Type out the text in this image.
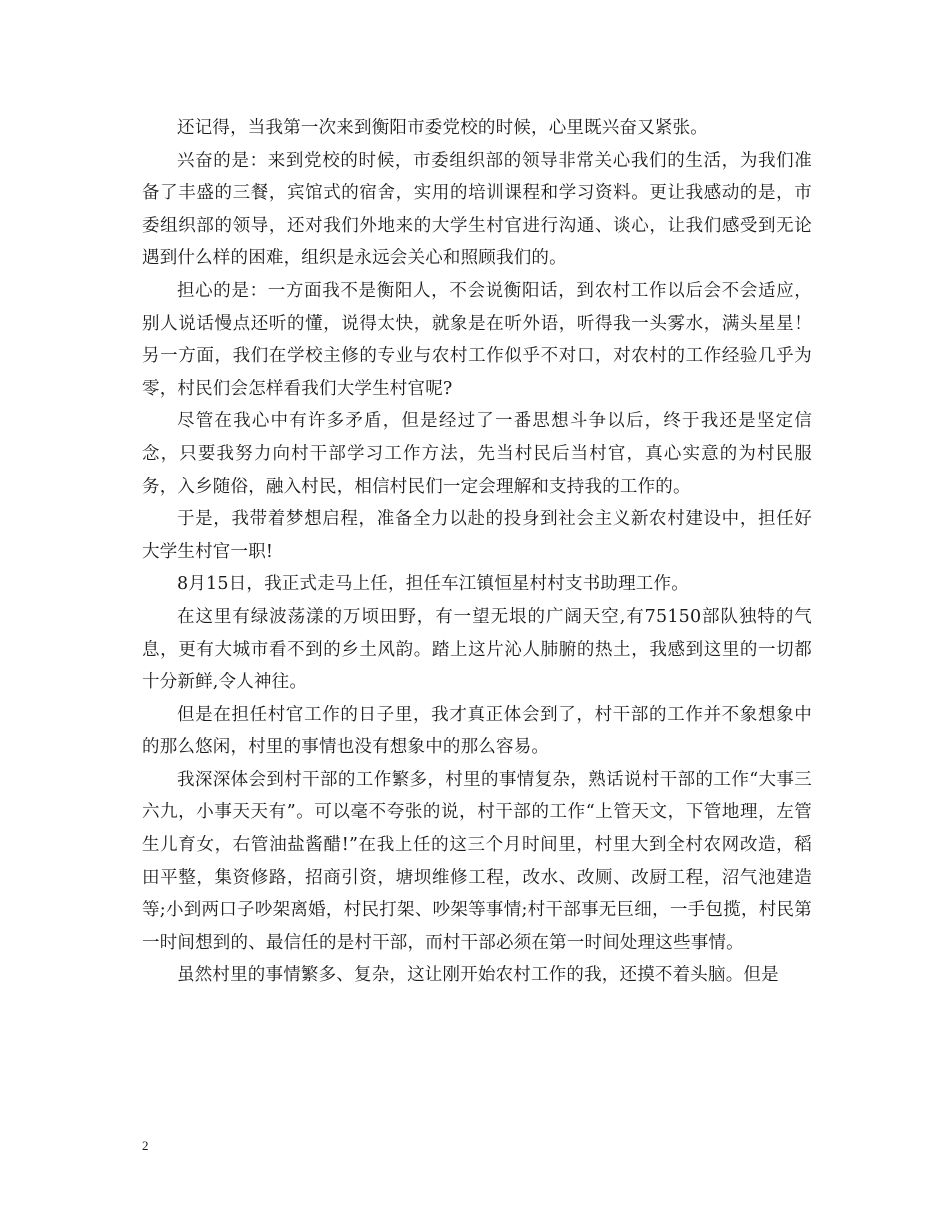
还记得，当我第一次来到衡阳市委党校的时候，心里既兴奋又紧张。

兴奋的是：来到党校的时候，市委组织部的领导非常关心我们的生活，为我们准备了丰盛的三餐，宾馆式的宿舍，实用的培训课程和学习资料。更让我感动的是，市委组织部的领导，还对我们外地来的大学生村官进行沟通、谈心，让我们感受到无论遇到什么样的困难，组织是永远会关心和照顾我们的。

担心的是：一方面我不是衡阳人，不会说衡阳话，到农村工作以后会不会适应，别人说话慢点还听的懂，说得太快，就象是在听外语，听得我一头雾水，满头星星！另一方面，我们在学校主修的专业与农村工作似乎不对口，对农村的工作经验几乎为零，村民们会怎样看我们大学生村官呢?

尽管在我心中有许多矛盾，但是经过了一番思想斗争以后，终于我还是坚定信念，只要我努力向村干部学习工作方法，先当村民后当村官，真心实意的为村民服务，入乡随俗，融入村民，相信村民们一定会理解和支持我的工作的。

于是，我带着梦想启程，准备全力以赴的投身到社会主义新农村建设中，担任好大学生村官一职!

8月15日，我正式走马上任，担任车江镇恒星村村支书助理工作。

在这里有绿波荡漾的万顷田野，有一望无垠的广阔天空,有75150部队独特的气息，更有大城市看不到的乡土风韵。踏上这片沁人肺腑的热土，我感到这里的一切都十分新鲜,令人神往。

但是在担任村官工作的日子里，我才真正体会到了，村干部的工作并不象想象中的那么悠闲，村里的事情也没有想象中的那么容易。

我深深体会到村干部的工作繁多，村里的事情复杂，熟话说村干部的工作“大事三六九，小事天天有”。可以毫不夸张的说，村干部的工作“上管天文，下管地理，左管生儿育女，右管油盐酱醋!”在我上任的这三个月时间里，村里大到全村农网改造，稻田平整，集资修路，招商引资，塘坝维修工程，改水、改厕、改厨工程，沼气池建造等;小到两口子吵架离婚，村民打架、吵架等事情;村干部事无巨细，一手包揽，村民第一时间想到的、最信任的是村干部，而村干部必须在第一时间处理这些事情。

虽然村里的事情繁多、复杂，这让刚开始农村工作的我，还摸不着头脑。但是

2
